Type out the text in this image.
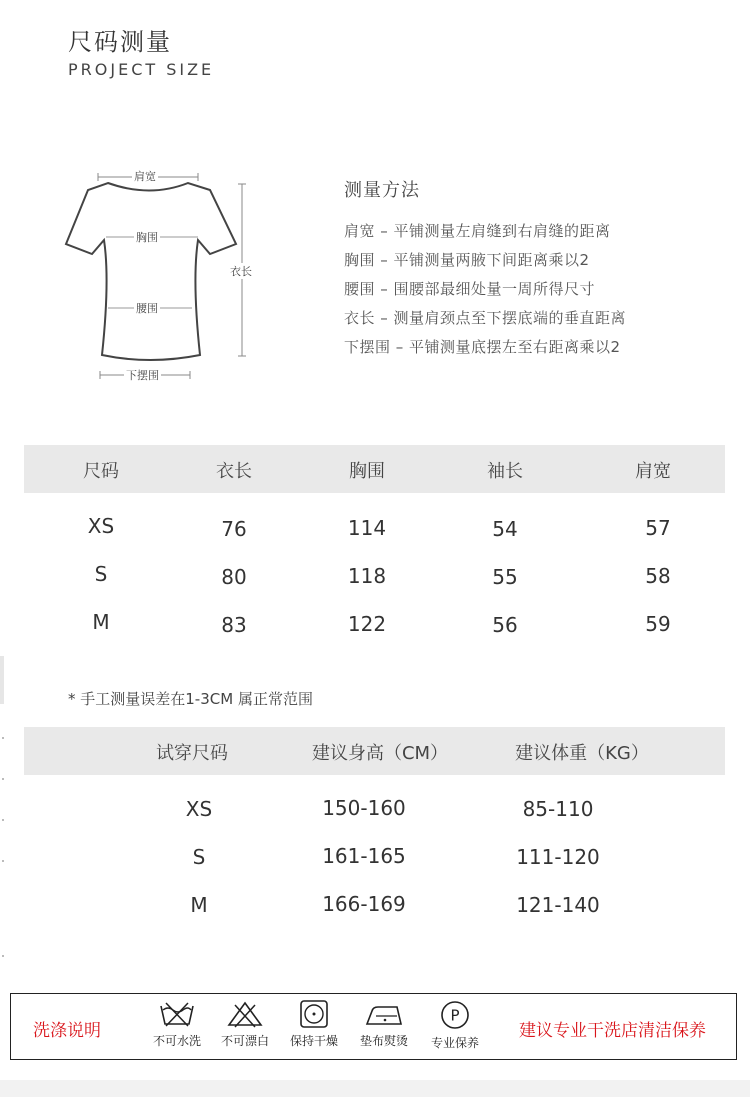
尺码测量
PROJECT SIZE
肩宽
胸围
腰围
衣长
下摆围
测量方法
肩宽 – 平铺测量左肩缝到右肩缝的距离
胸围 – 平铺测量两腋下间距离乘以2
腰围 – 围腰部最细处量一周所得尺寸
衣长 – 测量肩颈点至下摆底端的垂直距离
下摆围 – 平铺测量底摆左至右距离乘以2
尺码	衣长	胸围	袖长	肩宽
XS	76	114	54	57
S	80	118	55	58
M	83	122	56	59
* 手工测量误差在1-3CM 属正常范围
试穿尺码	建议身高（CM）	建议体重（KG）
XS	150-160	85-110
S	161-165	111-120
M	166-169	121-140
洗涤说明	不可水洗	不可漂白	保持干燥	垫布熨烫
P
专业保养
建议专业干洗店清洁保养
